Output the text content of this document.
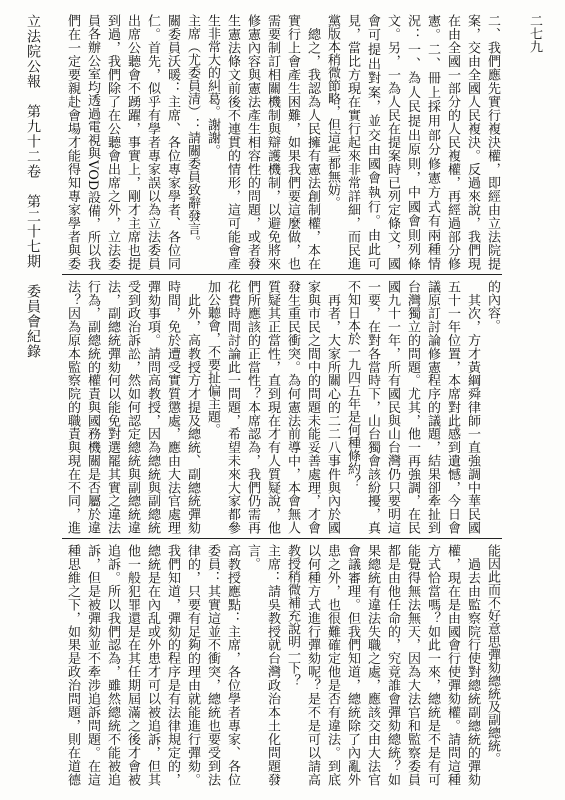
立法院公報　第九十二卷　第二十七期　委員會紀錄	二七九
二、我們應先實行複決權，即經由立法院提案，交由全國人民複決。反過來說，我們現在由全國一部分的人民複權，再經過部分修憲。二、冊上採用部分修憲方式有兩種情況：一、為人民提出原則，中國會則列條文。另，一為人民在提案時已列定條文，國會可提出對案，並交由國會執行。由此可見，當比方現在實行起來非常詳細，而民進黨版本稍微節略，但這些都無妨。
　總之，我認為人民擁有憲法創制權，本在實行上會產生困難，如果我們要這麼做，也需要制訂相關機制與辯護機制，以避免將來修憲內容與憲法產生相容性的問題，或者發生憲法條文前後不連貫的情形，這可能會產生非常大的糾葛。謝謝。
主席（尤委員清）：請關委員致辭發言。
關委員沃暖：主席、各位專家學者、各位同仁。首先，似乎有學者專家誤以為立法委員出席公聽會不踴躍，事實上，剛才主席也提到過，我們除了在公聽會出席之外，立法委員各辦公室均透過電視與VOD設備，所以我們在一定要親赴會場才能得知專家學者與委
的內容。
　其次，方才黃綱舜律師一直強調中華民國五十一年位置，本席對此感到遺憾，今日會議原訂討論修憲程序的議題，結果卻牽扯到台灣獨立的問題。尤其，他一再強調，在民國九十一年，所有國民與山台灣仍只要明這一要，在對各當時下，山台獨會該紛擾，真不知日本於一九四五年是何種條約？
　再者，大家所關心的二二八事件與內於國家與市民之間中的問題未能妥善處理，才會發生重民衝突。為何憲法前導中，本會無人質疑其正當性，直到現在才有人質疑說，他們所應該的正當性？本席認為，我們仍需再花費時間討論此一問題，希望未來大家都參加公聽會，不要扯偏主題。
　此外，高教授方才提及總統、副總統彈劾時間，免於遭受實質懲處，應由大法官處理彈劾事項。請問高教授，因為總統與副總統受到政治訴訟，然如何認定總統與副總統違法，副總統彈劾何以能免對選罷其實之違法行為，副總統的權責與國務機關是否屬於違法？因為原本監察院的職責與現在不同，進
能因此而不好意思彈劾總統及副總統。
　過去由監察院行使對總統副總統的彈劾權，現在是由國會行使彈劾權。請問這種方式恰當嗎？如此一來，總統是不是有可能覺得無法無天，因為大法官和監察委員都是由他任命的，究竟誰會彈劾總統？如果總統有違法失職之處，應該交由大法官會議審理。但我們知道，總統除了內亂外患之外，也很難確定他是否有違法。到底以何種方式進行彈劾呢？是不是可以請高教授稍微補充說明一下？
主席：請吳教授就台灣政治本土化問題發言。
高教授應點：主席，各位學者專家、各位委員：其實這並不衝突，總統也要受到法律的，只要有足夠的理由就能進行彈劾。我們知道，彈劾的程序是有法律規定的，總統是在內乱或外患才可以被追訴，但其他一般犯罪還是在其任期屆滿之後才會被追訴。所以我們認為，雖然總統不能被追訴，但是被彈劾並不牽涉追訴問題。在這種思維之下，如果是政治問題，則在道德
